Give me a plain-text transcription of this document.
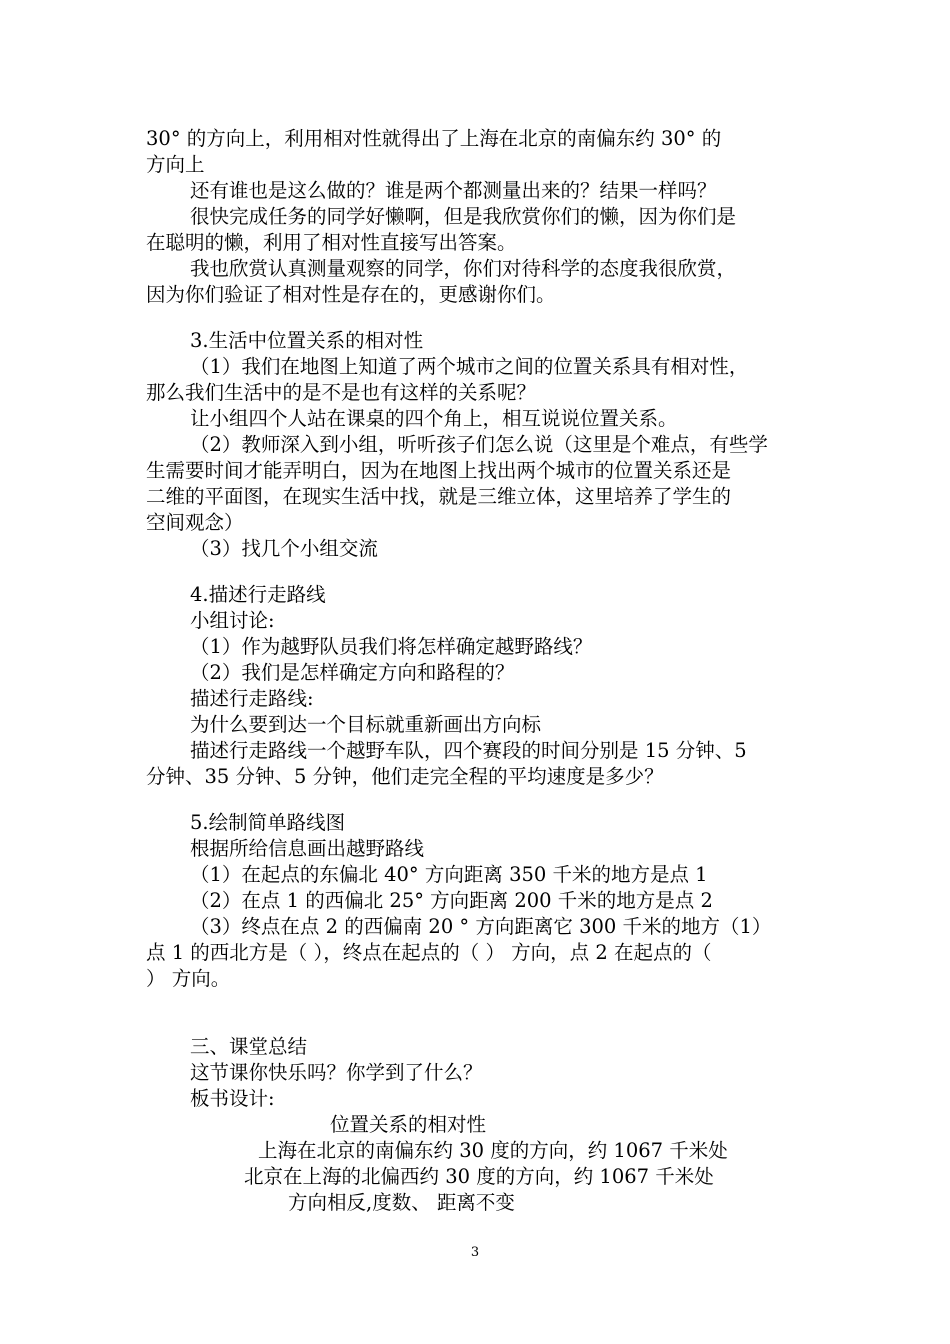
30° 的方向上，利用相对性就得出了上海在北京的南偏东约 30° 的
方向上
还有谁也是这么做的？谁是两个都测量出来的？结果一样吗？
很快完成任务的同学好懒啊，但是我欣赏你们的懒，因为你们是
在聪明的懒，利用了相对性直接写出答案。
我也欣赏认真测量观察的同学，你们对待科学的态度我很欣赏，
因为你们验证了相对性是存在的，更感谢你们。
3.生活中位置关系的相对性
（1）我们在地图上知道了两个城市之间的位置关系具有相对性，
那么我们生活中的是不是也有这样的关系呢？
让小组四个人站在课桌的四个角上，相互说说位置关系。
（2）教师深入到小组，听听孩子们怎么说（这里是个难点，有些学
生需要时间才能弄明白，因为在地图上找出两个城市的位置关系还是
二维的平面图，在现实生活中找，就是三维立体，这里培养了学生的
空间观念）
（3）找几个小组交流
4.描述行走路线
小组讨论:
（1）作为越野队员我们将怎样确定越野路线？
（2）我们是怎样确定方向和路程的？
描述行走路线:
为什么要到达一个目标就重新画出方向标
描述行走路线一个越野车队，四个赛段的时间分别是 15 分钟、5
分钟、35 分钟、5 分钟，他们走完全程的平均速度是多少？
5.绘制简单路线图
根据所给信息画出越野路线
（1）在起点的东偏北 40° 方向距离 350 千米的地方是点 1
（2）在点 1 的西偏北 25° 方向距离 200 千米的地方是点 2
（3）终点在点 2 的西偏南 20 ° 方向距离它 300 千米的地方（1）
点 1 的西北方是（ ），终点在起点的（ ） 方向，点 2 在起点的（
） 方向。
三、课堂总结
这节课你快乐吗？你学到了什么？
板书设计:
位置关系的相对性
上海在北京的南偏东约 30 度的方向，约 1067 千米处
北京在上海的北偏西约 30 度的方向，约 1067 千米处
方向相反,度数、 距离不变
3
